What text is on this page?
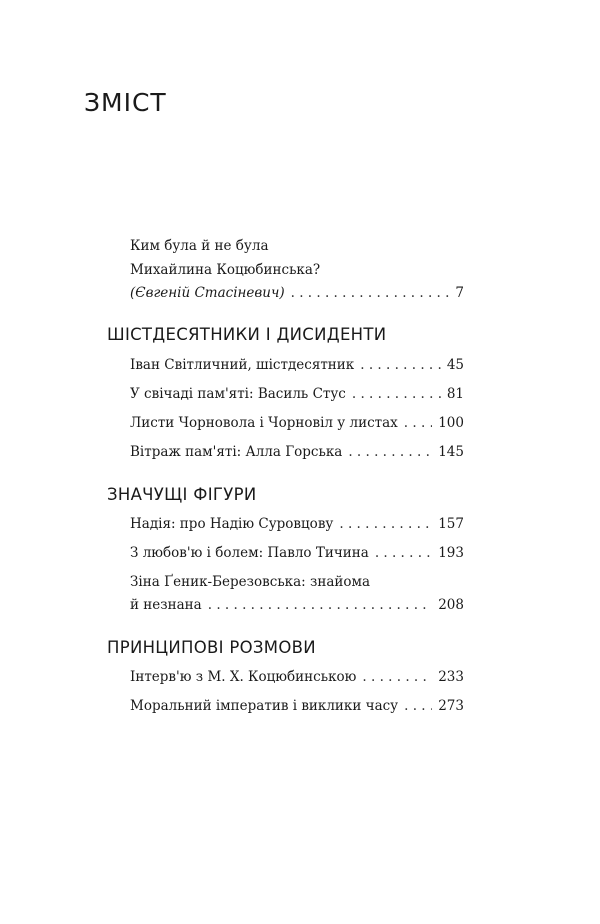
ЗМІСТ
Ким була й не була
Михайлина Коцюбинська?
(Євгеній Стасіневич) . . .	7
ШІСТДЕСЯТНИКИ І ДИСИДЕНТИ
Іван Світличний, шістдесятник . . .	45
У свічаді пам'яті: Василь Стус . . .	81
Листи Чорновола і Чорновіл у листах . . .	100
Вітраж пам'яті: Алла Горська . . .	145
ЗНАЧУЩІ ФІГУРИ
Надія: про Надію Суровцову . . .	157
З любов'ю і болем: Павло Тичина . . .	193
Зіна Ґеник-Березовська: знайома
й незнана . . .	208
ПРИНЦИПОВІ РОЗМОВИ
Інтерв'ю з М. Х. Коцюбинською . . .	233
Моральний імператив і виклики часу . . .	273
